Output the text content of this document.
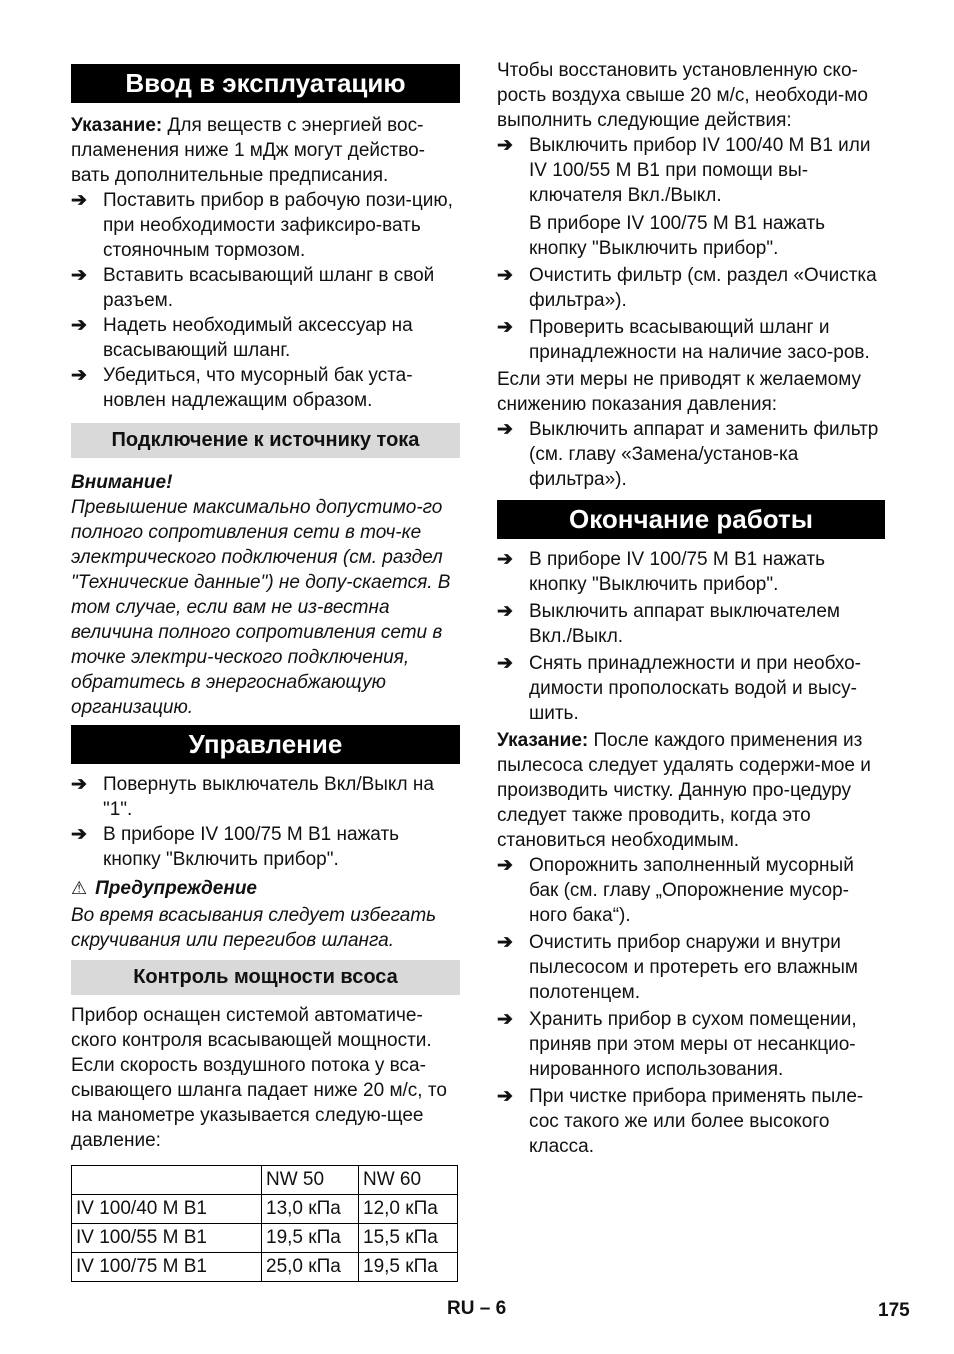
Ввод в эксплуатацию

Указание: Для веществ с энергией вос-пламенения ниже 1 мДж могут действо-вать дополнительные предписания.

➔ Поставить прибор в рабочую пози-цию, при необходимости зафиксиро-вать стояночным тормозом.
➔ Вставить всасывающий шланг в свой разъем.
➔ Надеть необходимый аксессуар на всасывающий шланг.
➔ Убедиться, что мусорный бак уста-новлен надлежащим образом.
Подключение к источнику тока

Внимание!

Превышение максимально допустимо-го полного сопротивления сети в точ-ке электрического подключения (см. раздел "Технические данные") не допу-скается. В том случае, если вам не из-вестна величина полного сопротивления сети в точке электри-ческого подключения, обратитесь в энергоснабжающую организацию.

Управление
➔ Повернуть выключатель Вкл/Выкл на "1".
➔ В приборе IV 100/75 M B1 нажать кнопку "Включить прибор".
⚠ Предупреждение

Во время всасывания следует избегать скручивания или перегибов шланга.

Контроль мощности всоса

Прибор оснащен системой автоматиче-ского контроля всасывающей мощности. Если скорость воздушного потока у вса-сывающего шланга падает ниже 20 м/с, то на манометре указывается следую-щее давление:

	NW 50	NW 60
IV 100/40 M B1	13,0 кПа	12,0 кПа
IV 100/55 M B1	19,5 кПа	15,5 кПа
IV 100/75 M B1	25,0 кПа	19,5 кПа

Чтобы восстановить установленную ско-рость воздуха свыше 20 м/с, необходи-мо выполнить следующие действия:

➔ Выключить прибор IV 100/40 M B1 или IV 100/55 M B1 при помощи вы-ключателя Вкл./Выкл.
В приборе IV 100/75 M B1 нажать кнопку "Выключить прибор".
➔ Очистить фильтр (см. раздел «Очистка фильтра»).
➔ Проверить всасывающий шланг и принадлежности на наличие засо-ров.

Если эти меры не приводят к желаемому снижению показания давления:

➔ Выключить аппарат и заменить фильтр (см. главу «Замена/установ-ка фильтра»).
Окончание работы
➔ В приборе IV 100/75 M B1 нажать кнопку "Выключить прибор".
➔ Выключить аппарат выключателем Вкл./Выкл.
➔ Снять принадлежности и при необхо-димости прополоскать водой и высу-шить.

Указание: После каждого применения из пылесоса следует удалять содержи-мое и производить чистку. Данную про-цедуру следует также проводить, когда это становиться необходимым.

➔ Опорожнить заполненный мусорный бак (см. главу „Опорожнение мусор-ного бака“).
➔ Очистить прибор снаружи и внутри пылесосом и протереть его влажным полотенцем.
➔ Хранить прибор в сухом помещении, приняв при этом меры от несанкцио-нированного использования.
➔ При чистке прибора применять пыле-сос такого же или более высокого класса.
RU – 6	175
